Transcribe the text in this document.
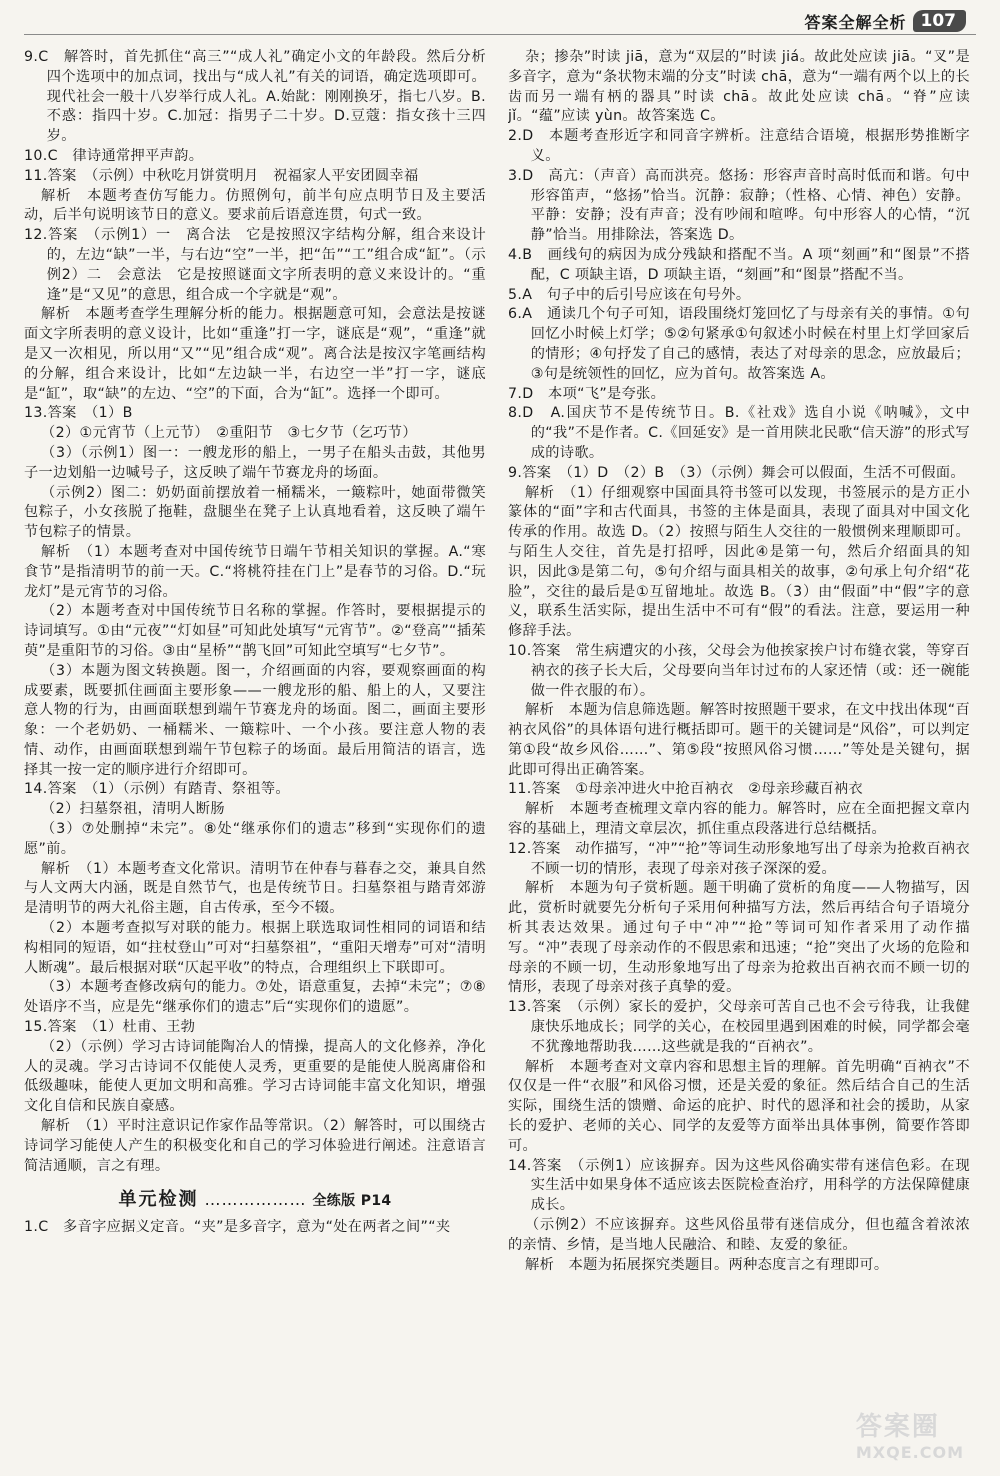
答案全解全析 107

9.C　解答时，首先抓住“高三”“成人礼”确定小文的年龄段。然后分析四个选项中的加点词，找出与“成人礼”有关的词语，确定选项即可。现代社会一般十八岁举行成人礼。A.始龀：刚刚换牙，指七八岁。B.不惑：指四十岁。C.加冠：指男子二十岁。D.豆蔻：指女孩十三四岁。

10.C　律诗通常押平声韵。

11.答案　（示例）中秋吃月饼赏明月　祝福家人平安团圆幸福

解析　本题考查仿写能力。仿照例句，前半句应点明节日及主要活动，后半句说明该节日的意义。要求前后语意连贯，句式一致。

12.答案　（示例1）一　离合法　它是按照汉字结构分解，组合来设计的，左边“缺”一半，与右边“空”一半，把“缶”“工”组合成“缸”。（示例2）二　会意法　它是按照谜面文字所表明的意义来设计的。“重逢”是“又见”的意思，组合成一个字就是“观”。

解析　本题考查学生理解分析的能力。根据题意可知，会意法是按谜面文字所表明的意义设计，比如“重逢”打一字，谜底是“观”，“重逢”就是又一次相见，所以用“又”“见”组合成“观”。离合法是按汉字笔画结构的分解，组合来设计，比如“左边缺一半，右边空一半”打一字，谜底是“缸”，取“缺”的左边、“空”的下面，合为“缸”。选择一个即可。

13.答案　（1）B

（2）①元宵节（上元节）　②重阳节　③七夕节（乞巧节）

（3）（示例1）图一：一艘龙形的船上，一男子在船头击鼓，其他男子一边划船一边喊号子，这反映了端午节赛龙舟的场面。

（示例2）图二：奶奶面前摆放着一桶糯米，一簸粽叶，她面带微笑包粽子，小女孩脱了拖鞋，盘腿坐在凳子上认真地看着，这反映了端午节包粽子的情景。

解析　（1）本题考查对中国传统节日端午节相关知识的掌握。A.“寒食节”是指清明节的前一天。C.“将桃符挂在门上”是春节的习俗。D.“玩龙灯”是元宵节的习俗。

（2）本题考查对中国传统节日名称的掌握。作答时，要根据提示的诗词填写。①由“元夜”“灯如昼”可知此处填写“元宵节”。②“登高”“插茱萸”是重阳节的习俗。③由“星桥”“鹊飞回”可知此空填写“七夕节”。

（3）本题为图文转换题。图一，介绍画面的内容，要观察画面的构成要素，既要抓住画面主要形象——一艘龙形的船、船上的人，又要注意人物的行为，由画面联想到端午节赛龙舟的场面。图二，画面主要形象：一个老奶奶、一桶糯米、一簸粽叶、一个小孩。要注意人物的表情、动作，由画面联想到端午节包粽子的场面。最后用简洁的语言，选择其一按一定的顺序进行介绍即可。

14.答案　（1）（示例）有踏青、祭祖等。

（2）扫墓祭祖，清明人断肠

（3）⑦处删掉“未完”。⑧处“继承你们的遗志”移到“实现你们的遗愿”前。

解析　（1）本题考查文化常识。清明节在仲春与暮春之交，兼具自然与人文两大内涵，既是自然节气，也是传统节日。扫墓祭祖与踏青郊游是清明节的两大礼俗主题，自古传承，至今不辍。

（2）本题考查拟写对联的能力。根据上联选取词性相同的词语和结构相同的短语，如“拄杖登山”可对“扫墓祭祖”，“重阳天增寿”可对“清明人断魂”。最后根据对联“仄起平收”的特点，合理组织上下联即可。

（3）本题考查修改病句的能力。⑦处，语意重复，去掉“未完”；⑦⑧处语序不当，应是先“继承你们的遗志”后“实现你们的遗愿”。

15.答案　（1）杜甫、王勃

（2）（示例）学习古诗词能陶冶人的情操，提高人的文化修养，净化人的灵魂。学习古诗词不仅能使人灵秀，更重要的是能使人脱离庸俗和低级趣味，能使人更加文明和高雅。学习古诗词能丰富文化知识，增强文化自信和民族自豪感。

解析　（1）平时注意识记作家作品等常识。（2）解答时，可以围绕古诗词学习能使人产生的积极变化和自己的学习体验进行阐述。注意语言简洁通顺，言之有理。

单元检测 ……………… 全练版 P14

1.C　多音字应据义定音。“夹”是多音字，意为“处在两者之间”“夹

杂；掺杂”时读 jiā，意为“双层的”时读 jiá。故此处应读 jiā。“叉”是多音字，意为“条状物末端的分支”时读 chā，意为“一端有两个以上的长齿而另一端有柄的器具”时读 chā。故此处应读 chā。“脊”应读 jǐ。“蕴”应读 yùn。故答案选 C。

2.D　本题考查形近字和同音字辨析。注意结合语境，根据形势推断字义。

3.D　高亢：（声音）高而洪亮。悠扬：形容声音时高时低而和谐。句中形容笛声，“悠扬”恰当。沉静：寂静；（性格、心情、神色）安静。平静：安静；没有声音；没有吵闹和喧哗。句中形容人的心情，“沉静”恰当。用排除法，答案选 D。

4.B　画线句的病因为成分残缺和搭配不当。A 项“刻画”和“图景”不搭配，C 项缺主语，D 项缺主语，“刻画”和“图景”搭配不当。

5.A　句子中的后引号应该在句号外。

6.A　通读几个句子可知，语段围绕灯笼回忆了与母亲有关的事情。①句回忆小时候上灯学；⑤②句紧承①句叙述小时候在村里上灯学回家后的情形；④句抒发了自己的感情，表达了对母亲的思念，应放最后；③句是统领性的回忆，应为首句。故答案选 A。

7.D　本项“飞”是夸张。

8.D　A.国庆节不是传统节日。B.《社戏》选自小说《呐喊》，文中的“我”不是作者。C.《回延安》是一首用陕北民歌“信天游”的形式写成的诗歌。

9.答案　（1）D　（2）B　（3）（示例）舞会可以假面，生活不可假面。

解析　（1）仔细观察中国面具符书签可以发现，书签展示的是方正小篆体的“面”字和古代面具，书签的主体是面具，表现了面具对中国文化传承的作用。故选 D。（2）按照与陌生人交往的一般惯例来理顺即可。与陌生人交往，首先是打招呼，因此④是第一句，然后介绍面具的知识，因此③是第二句，⑤句介绍与面具相关的故事，②句承上句介绍“花脸”，交往的最后是①互留地址。故选 B。（3）由“假面”中“假”字的意义，联系生活实际，提出生活中不可有“假”的看法。注意，要运用一种修辞手法。

10.答案　常生病遭灾的小孩，父母会为他挨家挨户讨布缝衣裳，等穿百衲衣的孩子长大后，父母要向当年讨过布的人家还情（或：还一碗能做一件衣服的布）。

解析　本题为信息筛选题。解答时按照题干要求，在文中找出体现“百衲衣风俗”的具体语句进行概括即可。题干的关键词是“风俗”，可以判定第①段“故乡风俗……”、第⑤段“按照风俗习惯……”等处是关键句，据此即可得出正确答案。

11.答案　①母亲冲进火中抢百衲衣　②母亲珍藏百衲衣

解析　本题考查梳理文章内容的能力。解答时，应在全面把握文章内容的基础上，理清文章层次，抓住重点段落进行总结概括。

12.答案　动作描写，“冲”“抢”等词生动形象地写出了母亲为抢救百衲衣不顾一切的情形，表现了母亲对孩子深深的爱。

解析　本题为句子赏析题。题干明确了赏析的角度——人物描写，因此，赏析时就要先分析句子采用何种描写方法，然后再结合句子语境分析其表达效果。通过句子中“冲”“抢”等词可知作者采用了动作描写。“冲”表现了母亲动作的不假思索和迅速；“抢”突出了火场的危险和母亲的不顾一切，生动形象地写出了母亲为抢救出百衲衣而不顾一切的情形，表现了母亲对孩子真挚的爱。

13.答案　（示例）家长的爱护，父母亲可苦自己也不会亏待我，让我健康快乐地成长；同学的关心，在校园里遇到困难的时候，同学都会毫不犹豫地帮助我……这些就是我的“百衲衣”。

解析　本题考查对文章内容和思想主旨的理解。首先明确“百衲衣”不仅仅是一件“衣服”和风俗习惯，还是关爱的象征。然后结合自己的生活实际，围绕生活的馈赠、命运的庇护、时代的恩泽和社会的援助，从家长的爱护、老师的关心、同学的友爱等方面举出具体事例，简要作答即可。

14.答案　（示例1）应该摒弃。因为这些风俗确实带有迷信色彩。在现实生活中如果身体不适应该去医院检查治疗，用科学的方法保障健康成长。

（示例2）不应该摒弃。这些风俗虽带有迷信成分，但也蕴含着浓浓的亲情、乡情，是当地人民融洽、和睦、友爱的象征。

解析　本题为拓展探究类题目。两种态度言之有理即可。

答案圈
MXQE.COM
